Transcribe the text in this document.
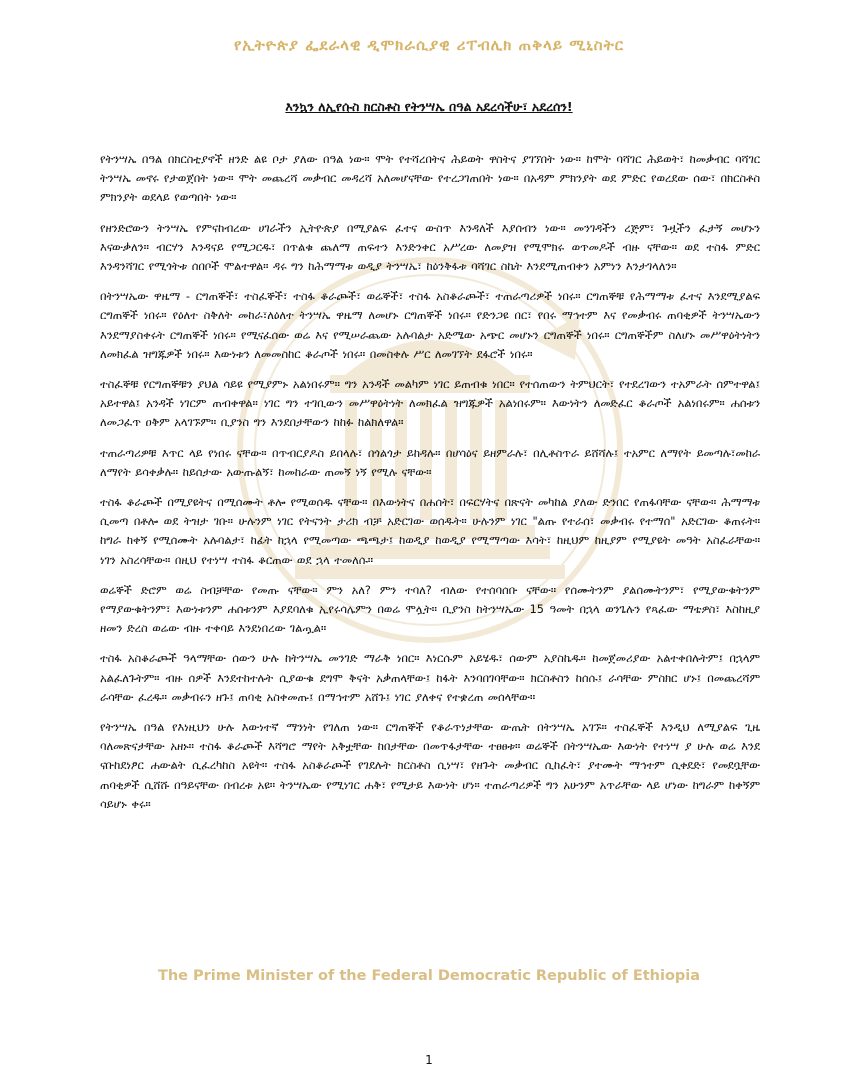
የኢትዮጵያ ፌደራላዊ ዲሞክራሲያዊ ሪፐብሊክ ጠቅላይ ሚኒስትር
እንኳን ለኢየሱስ ክርስቶስ የትንሣኤ በዓል አደረሳችሁ፣ አደረሰን!

የትንሣኤ በዓል በክርስቲያኖች ዘንድ ልዩ ቦታ ያለው በዓል ነው። ሞት የተሻረበትና ሕይወት ዋስትና ያገኘበት ነው። ከሞት ባሻገር ሕይወት፣ ከመቃብር ባሻገር ትንሣኤ መኖሩ የታወጀበት ነው። ሞት መጨረሻ መቃብር መዳረሻ አለመሆናቸው የተረጋገጠበት ነው። በአዳም ምክንያት ወደ ምድር የወረደው ሰው፣ በክርስቶስ ምክንያት ወደላይ የወጣበት ነው።

የዘንድሮውን ትንሣኤ የምናከብረው ሀገራችን ኢትዮጵያ በሚያልፍ ፈተና ውስጥ እንዳለች እያሰብን ነው። መንገዳችን ረጅም፣ ጉዟችን ፈታኝ መሆኑን እናውቃለን። ብርሃን እንዳናይ የሚጋርዱ፣ በጥልቁ ጨለማ ጠፍተን እንድንቀር አሥረው ለመያዝ የሚሞክሩ ወጥመዶች ብዙ ናቸው። ወደ ተስፋ ምድር እንዳንሻገር የሚጎትቱ ሰበቦች ሞልተዋል። ዳሩ ግን ከሕማማቱ ወዲያ ትንሣኤ፣ ከዕንቅፋቱ ባሻገር ስኬት እንደሚጠብቀን አምነን እንታገላለን።

በትንሣኤው ዋዜማ - ርግጠኞች፣ ተስፈኞች፣ ተስፋ ቆራጮች፣ ወሬኞች፣ ተስፋ አስቆራጮች፣ ተጠራጣሪዎች ነበሩ። ርግጠኞቹ የሕማማቱ ፈተና እንደሚያልፍ ርግጠኞች ነበሩ። የዕለተ ስቅለት መከራ፣ለዕለተ ትንሣኤ ዋዜማ ለመሆኑ ርግጠኞች ነበሩ። የድንጋዩ በር፣ የበሩ ማኅተም እና የመቃብሩ ጠባቂዎች ትንሣኤውን እንደማያስቀሩት ርግጠኞች ነበሩ። የሚናፈሰው ወሬ እና የሚሠራጨው አሉባልታ አድሜው አጭር መሆኑን ርግጠኞች ነበሩ። ርግጠኞችም ስለሆኑ መሥዋዕትነትን ለመክፈል ዝግጁዎች ነበሩ። እውነቱን ለመመስከር ቆራጦች ነበሩ። በመስቀሉ ሥር ለመገኘት ደፋሮች ነበሩ።

ተስፈኞቹ የርግጠኞቹን ያህል ሳይዩ የሚያምኑ አልነበሩም። ግን አንዳች መልካም ነገር ይጠብቁ ነበር። የተሰጠውን ትምህርት፣ የተደረገውን ተአምራት ሰምተዋል፤ አይተዋል፤ አንዳች ነገርም ጠብቀዋል። ነገር ግን ተገቢውን መሥዋዕትነት ለመክፈል ዝግጁዎች አልነበሩም። እውነትን ለመድፈር ቆራጦች አልነበሩም። ሐሰቱን ለመጋፈጥ ዐቅም አላገኙም። ቢያንስ ግን እንደበታቸውን ከከፉ ከልክለዋል።

ተጠራጣሪዎቹ እጥር ላይ የነበሩ ናቸው። በጥብርያዶስ ይበላሉ፣ በጎልጎታ ይከዳሉ። በሆሳዕና ይዘምራሉ፣ በሊቶስጥራ ይሸሻሉ፤ ተአምር ለማየት ይመጣሉ፣መከራ ለማየት ይሳቀቃሉ። ከይሰታው አውጡልኝ፣ ከመከራው ጠመኝ ነኝ የሚሉ ናቸው።

ተስፋ ቆራጮች በሚያዩትና በሚሰሙት ቶሎ የሚወሰዱ ናቸው። በእውነትና በሐሰት፣ በፍርሃትና በጽናት መካከል ያለው ድንበር የጠፋባቸው ናቸው። ሕማማቱ ሲመጣ በቶሎ ወደ ትዝታ ገቡ። ሁሉንም ነገር የትናንት ታሪክ ብቻ አድርገው ወሰዱት። ሁሉንም ነገር "ልጡ የተራሰ፣ መቃብሩ የተማሰ" አድርገው ቆጠሩት። ከግራ ከቀኝ የሚሰሙት አሉባልታ፣ ከፊት ከኋላ የሚመጣው ጫጫታ፤ ከወዲያ ከወዲያ የሚማጣው እሳት፣ ከዚህም ከዚያም የሚያዩት መዓት አስፈራቸው። ነገን አስረሳቸው። በዚህ የተነሣ ተስፋ ቆርጠው ወደ ኋላ ተመለሱ።

ወሬኞች ድሮም ወሬ ስብቻቸው የመጡ ናቸው። ምን አለ? ምን ተባለ? ብለው የተሰባሰቡ ናቸው። የሰሙትንም ያልሰሙትንም፣ የሚያውቁትንም የማያውቁትንም፣ እውነቱንም ሐሰቱንም እያደባለቁ ኢየሩሳሌምን በወሬ ሞሏት። ቢያንስ ከትንሣኤው 15 ዓመት በኋላ ወንጌሉን የጻፈው ማቴዎስ፣ እስከዚያ ዘመን ድረስ ወሬው ብዙ ተቀባይ እንደነበረው ገልጧል።

ተስፋ አስቆራጮች ዓላማቸው ሰውን ሁሉ ከትንሣኤ መንገድ ማራቅ ነበር። እነርሱም አይሄዱ፣ ሰውም አያስኬዱ። ከመጀመሪያው አልተቀበሉትም፤ በኋላም አልፈለጉትም። ብዙ ሰዎች እንደተከተሉት ሲያውቁ ደግሞ ቅናት አቃጠላቸው፤ ከፋት እንባበገባቸው። ክርስቶስን ከሰሱ፤ ራሳቸው ምስክር ሆኑ፤ በመጨረሻም ራሳቸው ፈረዱ። መቃብሩን ዘጉ፤ ጠባቂ አስቀመጡ፤ በማኅተም አሸጉ፤ ነገር ያለቀና የተቋረጠ መሰላቸው።

የትንሣኤ በዓል የእነዚህን ሁሉ እውነተኛ ማንነት የገለጠ ነው። ርግጠኞች የቆራጥነታቸው ውጤት በትንሣኤ አገኙ። ተስፈኞች እንዲህ ለሚያልፍ ጊዜ ባለመጽናታቸው አዘኑ። ተስፋ ቆራጮች እሻግሮ ማየት አቅቷቸው ከበታቸው በመጥፋታቸው ተፀፀቱ። ወሬኞች በትንሣኤው እውነት የተነሣ ያ ሁሉ ወሬ እንደ ናቡከደነፆር ሐውልት ሲፈረካከስ አዩት። ተስፋ አስቆራጮች የገደሉት ክርስቶስ ሲነሣ፣ የዘጉት መቃብር ሲከፈት፣ ያተሙት ማኅተም ሲቀደድ፣ የመደቧቸው ጠባቂዎች ሲሸሹ በዓይናቸው በብረቱ አዩ። ትንሣኤው የሚነገር ሐቅ፣ የሚታይ እውነት ሆነ። ተጠራጣሪዎች ግን አሁንም አጥራቸው ላይ ሆነው ከግራም ከቀኝም ሳይሆኑ ቀሩ።

The Prime Minister of the Federal Democratic Republic of Ethiopia
1
